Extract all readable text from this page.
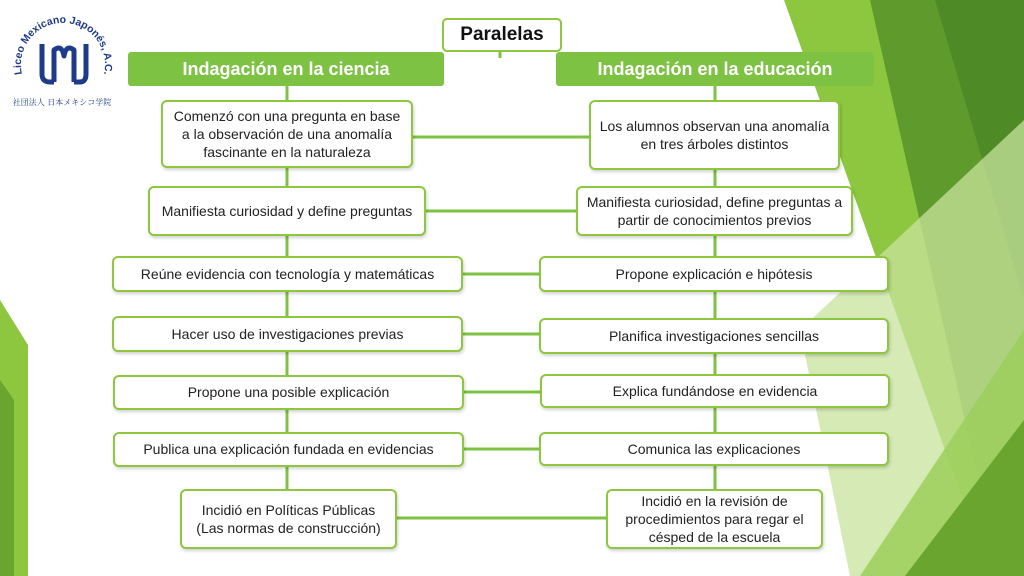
Liceo Mexicano Japonés, A.C.
社団法人 日本メキシコ学院
Paralelas
Indagación en la ciencia	Indagación en la educación
Comenzó con una pregunta en base a la observación de una anomalía fascinante en la naturaleza
Manifiesta curiosidad y define preguntas
Reúne evidencia con tecnología y matemáticas
Hacer uso de investigaciones previas
Propone una posible explicación
Publica una explicación fundada en evidencias
Incidió en Políticas Públicas (Las normas de construcción)
Los alumnos observan una anomalía en tres árboles distintos
Manifiesta curiosidad, define preguntas a partir de conocimientos previos
Propone explicación e hipótesis
Planifica investigaciones sencillas
Explica fundándose en evidencia
Comunica las explicaciones
Incidió en la revisión de procedimientos para regar el césped de la escuela
